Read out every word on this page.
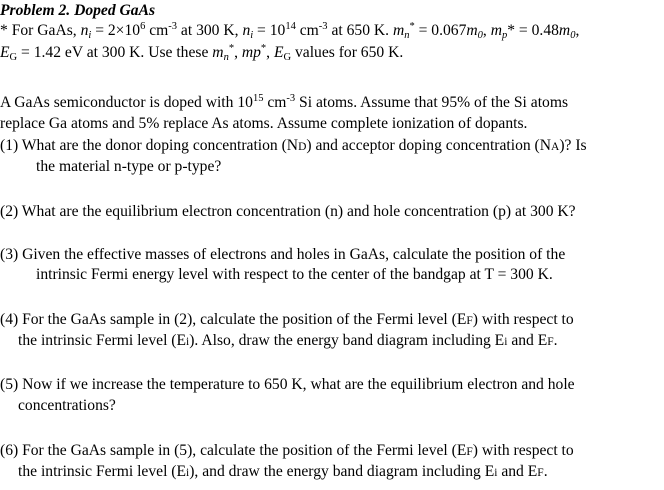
Problem 2. Doped GaAs
* For GaAs, $n_i = 2\times 10^6$ $cm^{-3}$ at 300 K, $n_i = 10^{14}$ $cm^{-3}$ at 650 K. $m_n^* = 0.067m_0$, $m_p* = 0.48m_0$,
$E_G = 1.42$ eV at 300 K. Use these $m_n^*$, mp*, $E_G$ values for 650 K.
A GaAs semiconductor is doped with $10^{15}$ $cm^{-3}$ Si atoms. Assume that 95% of the Si atoms
replace Ga atoms and 5% replace As atoms. Assume complete ionization of dopants.
(1) What are the donor doping concentration (ND) and acceptor doping concentration (NA)? Is
the material n-type or p-type?
(2) What are the equilibrium electron concentration (n) and hole concentration (p) at 300 K?
(3) Given the effective masses of electrons and holes in GaAs, calculate the position of the
intrinsic Fermi energy level with respect to the center of the bandgap at T = 300 K.
(4) For the GaAs sample in (2), calculate the position of the Fermi level (EF) with respect to
the intrinsic Fermi level (Ei). Also, draw the energy band diagram including Ei and EF.
(5) Now if we increase the temperature to 650 K, what are the equilibrium electron and hole
concentrations?
(6) For the GaAs sample in (5), calculate the position of the Fermi level (EF) with respect to
the intrinsic Fermi level (Ei), and draw the energy band diagram including Ei and EF.
